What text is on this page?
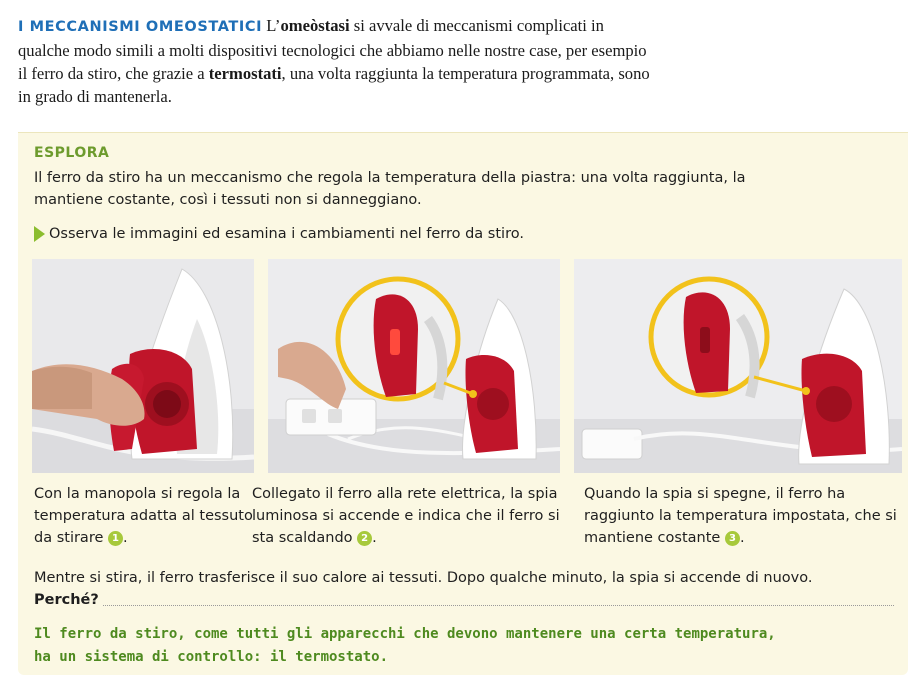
I MECCANISMI OMEOSTATICI L’omeòstasi si avvale di meccanismi complicati in qualche modo simili a molti dispositivi tecnologici che abbiamo nelle nostre case, per esempio il ferro da stiro, che grazie a termostati, una volta raggiunta la temperatura programmata, sono in grado di mantenerla.
ESPLORA
Il ferro da stiro ha un meccanismo che regola la temperatura della piastra: una volta raggiunta, la mantiene costante, così i tessuti non si danneggiano.
Osserva le immagini ed esamina i cambiamenti nel ferro da stiro.
Con la manopola si regola la temperatura adatta al tessuto da stirare 1 .
Collegato il ferro alla rete elettrica, la spia luminosa si accende e indica che il ferro si sta scaldando 2 .
Quando la spia si spegne, il ferro ha raggiunto la temperatura impostata, che si mantiene costante 3 .
Mentre si stira, il ferro trasferisce il suo calore ai tessuti. Dopo qualche minuto, la spia si accende di nuovo.
Perché?
Il ferro da stiro, come tutti gli apparecchi che devono mantenere una certa temperatura,
ha un sistema di controllo: il termostato.
